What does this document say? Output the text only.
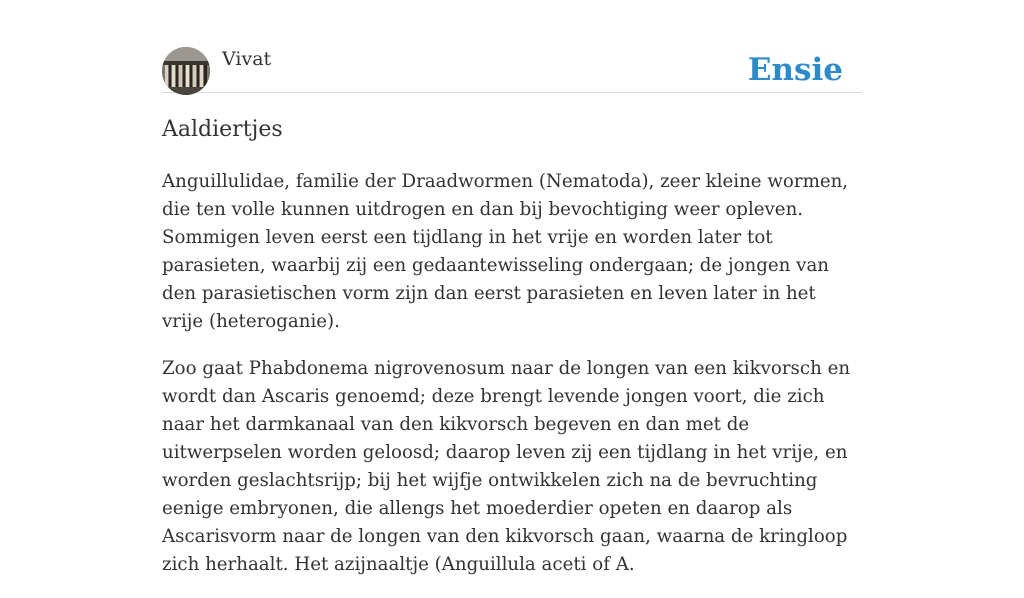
Vivat	Ensie
Aaldiertjes

Anguillulidae, familie der Draadwormen (Nematoda), zeer kleine wormen, die ten volle kunnen uitdrogen en dan bij bevochtiging weer opleven. Sommigen leven eerst een tijdlang in het vrije en worden later tot parasieten, waarbij zij een gedaantewisseling ondergaan; de jongen van den parasietischen vorm zijn dan eerst parasieten en leven later in het vrije (heteroganie).

Zoo gaat Phabdonema nigrovenosum naar de longen van een kikvorsch en wordt dan Ascaris genoemd; deze brengt levende jongen voort, die zich naar het darmkanaal van den kikvorsch begeven en dan met de uitwerpselen worden geloosd; daarop leven zij een tijdlang in het vrije, en worden geslachtsrijp; bij het wijfje ontwikkelen zich na de bevruchting eenige embryonen, die allengs het moederdier opeten en daarop als Ascarisvorm naar de longen van den kikvorsch gaan, waarna de kringloop zich herhaalt. Het azijnaaltje (Anguillula aceti of A.
